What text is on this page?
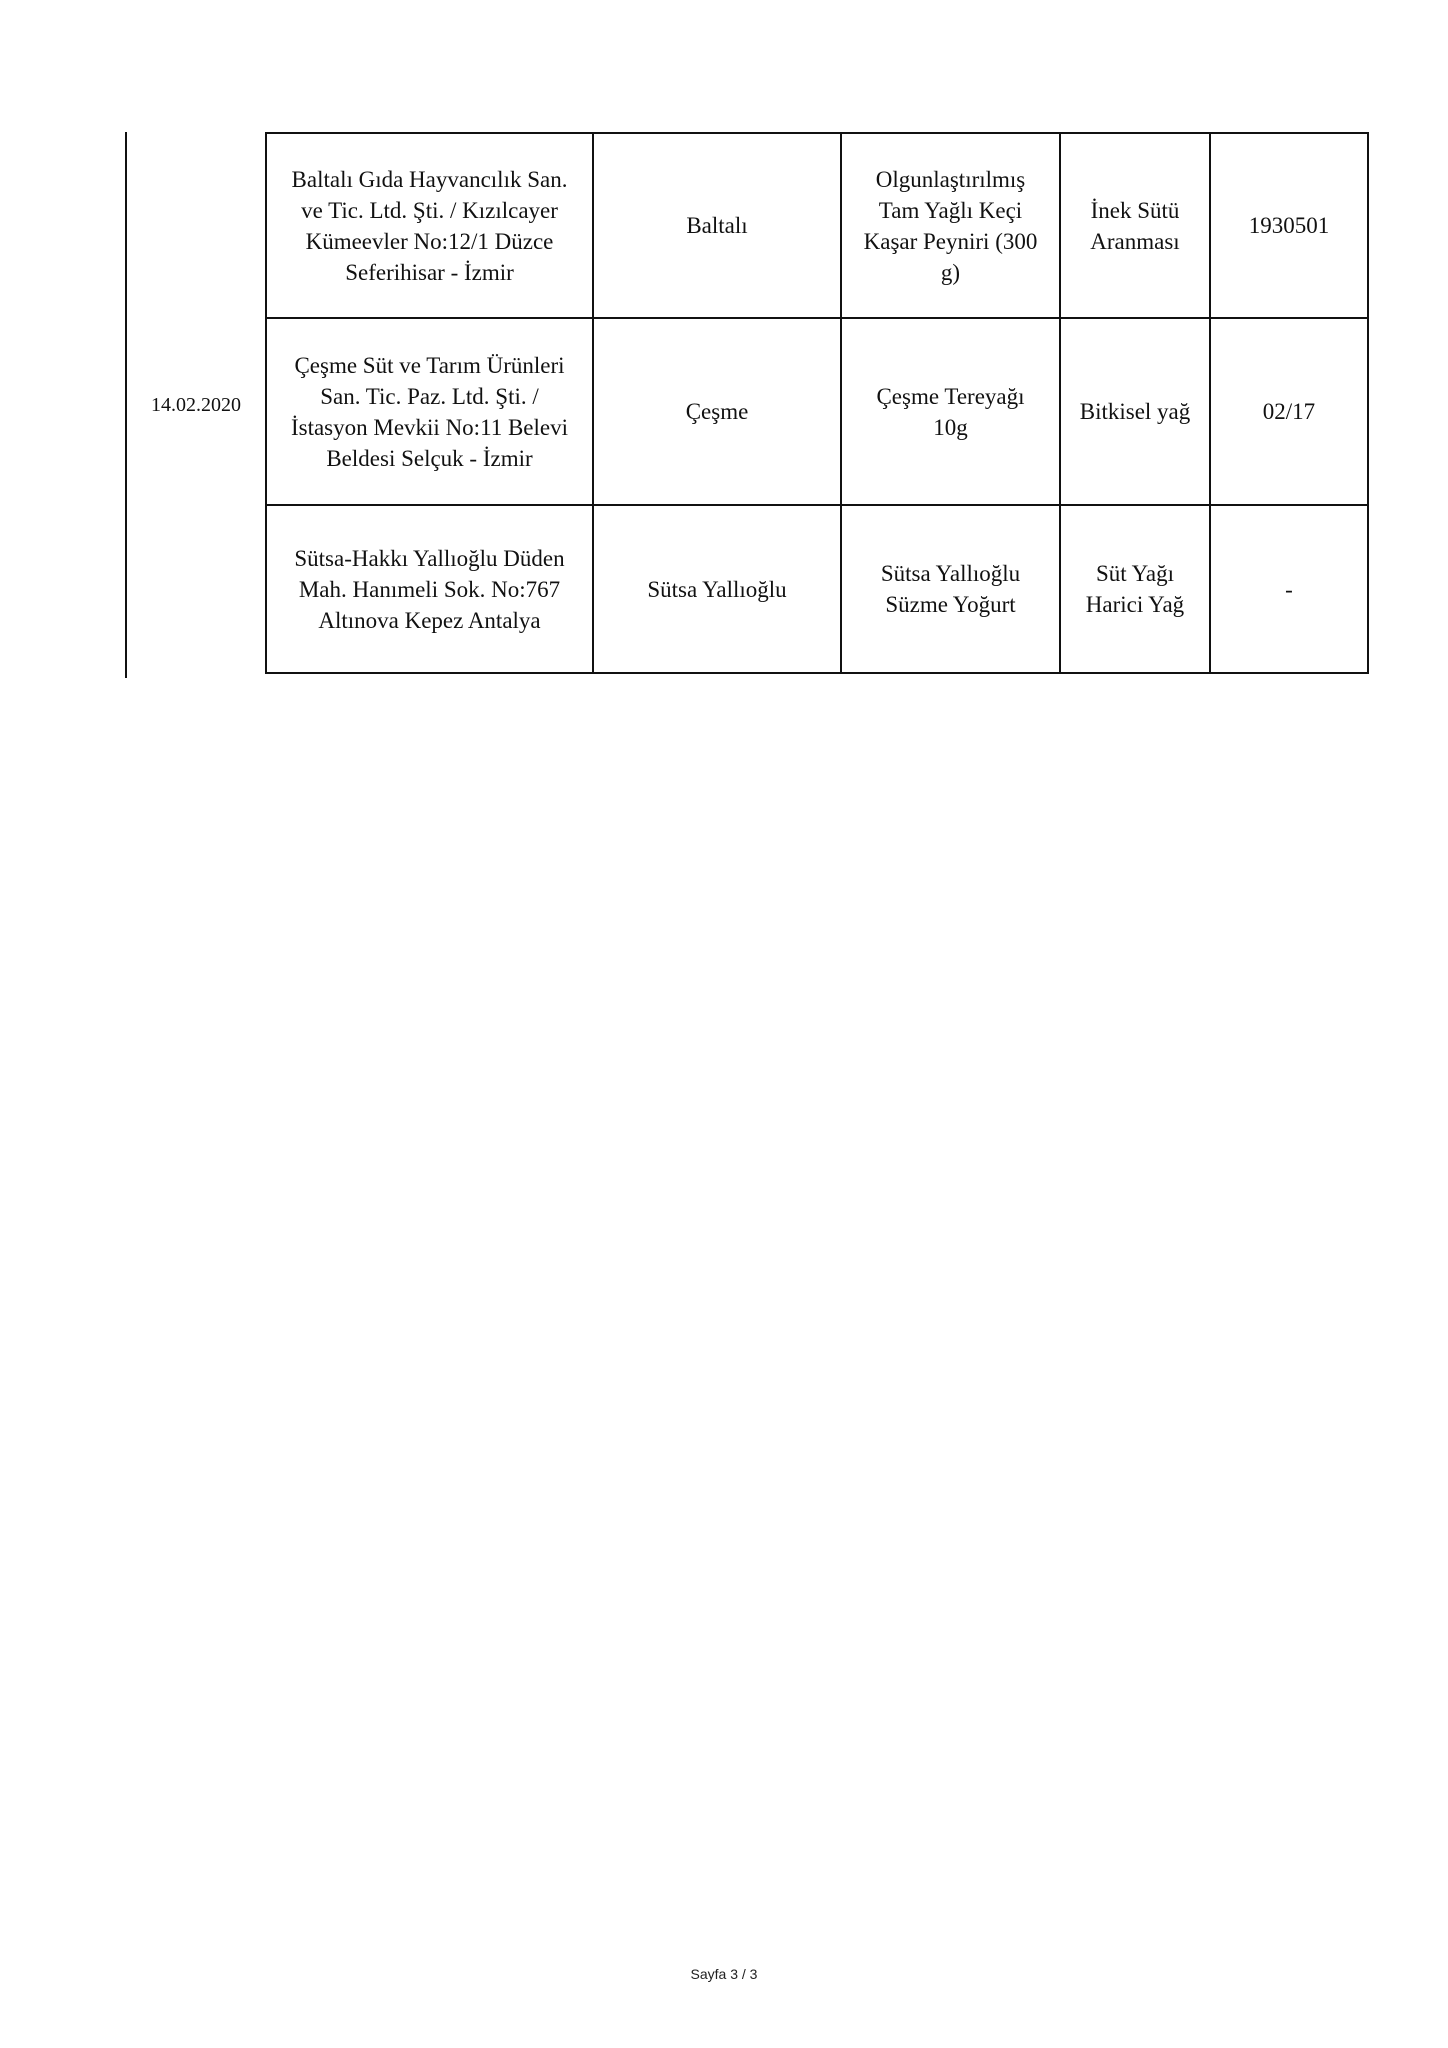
14.02.2020
Baltalı Gıda Hayvancılık San.
ve Tic. Ltd. Şti. / Kızılcayer
Kümeevler No:12/1 Düzce
Seferihisar - İzmir	Baltalı	Olgunlaştırılmış
Tam Yağlı Keçi
Kaşar Peyniri (300
g)	İnek Sütü
Aranması	1930501

Çeşme Süt ve Tarım Ürünleri
San. Tic. Paz. Ltd. Şti. /
İstasyon Mevkii No:11 Belevi
Beldesi Selçuk - İzmir	Çeşme	Çeşme Tereyağı
10g	Bitkisel yağ	02/17

Sütsa-Hakkı Yallıoğlu Düden
Mah. Hanımeli Sok. No:767
Altınova Kepez Antalya	Sütsa Yallıoğlu	Sütsa Yallıoğlu
Süzme Yoğurt	Süt Yağı
Harici Yağ	-
Sayfa 3 / 3
